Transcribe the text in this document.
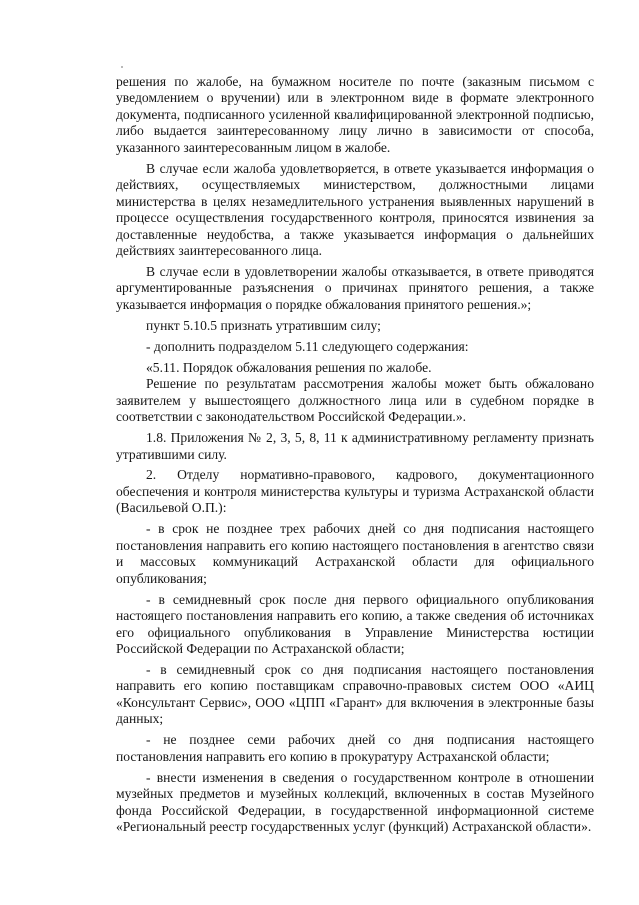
решения по жалобе, на бумажном носителе по почте (заказным письмом с уведомлением о вручении) или в электронном виде в формате электронного документа, подписанного усиленной квалифицированной электронной подписью, либо выдается заинтересованному лицу лично в зависимости от способа, указанного заинтересованным лицом в жалобе.

В случае если жалоба удовлетворяется, в ответе указывается информация о действиях, осуществляемых министерством, должностными лицами министерства в целях незамедлительного устранения выявленных нарушений в процессе осуществления государственного контроля, приносятся извинения за доставленные неудобства, а также указывается информация о дальнейших действиях заинтересованного лица.

В случае если в удовлетворении жалобы отказывается, в ответе приводятся аргументированные разъяснения о причинах принятого решения, а также указывается информация о порядке обжалования принятого решения.»;

пункт 5.10.5 признать утратившим силу;

- дополнить подразделом 5.11 следующего содержания:

«5.11. Порядок обжалования решения по жалобе.

Решение по результатам рассмотрения жалобы может быть обжаловано заявителем у вышестоящего должностного лица или в судебном порядке в соответствии с законодательством Российской Федерации.».

1.8. Приложения № 2, 3, 5, 8, 11 к административному регламенту признать утратившими силу.

2. Отделу нормативно-правового, кадрового, документационного обеспечения и контроля министерства культуры и туризма Астраханской области (Васильевой О.П.):

- в срок не позднее трех рабочих дней со дня подписания настоящего постановления направить его копию настоящего постановления в агентство связи и массовых коммуникаций Астраханской области для официального опубликования;

- в семидневный срок после дня первого официального опубликования настоящего постановления направить его копию, а также сведения об источниках его официального опубликования в Управление Министерства юстиции Российской Федерации по Астраханской области;

- в семидневный срок со дня подписания настоящего постановления направить его копию поставщикам справочно-правовых систем ООО «АИЦ «Консультант Сервис», ООО «ЦПП «Гарант» для включения в электронные базы данных;

- не позднее семи рабочих дней со дня подписания настоящего постановления направить его копию в прокуратуру Астраханской области;

- внести изменения в сведения о государственном контроле в отношении музейных предметов и музейных коллекций, включенных в состав Музейного фонда Российской Федерации, в государственной информационной системе «Региональный реестр государственных услуг (функций) Астраханской области».
